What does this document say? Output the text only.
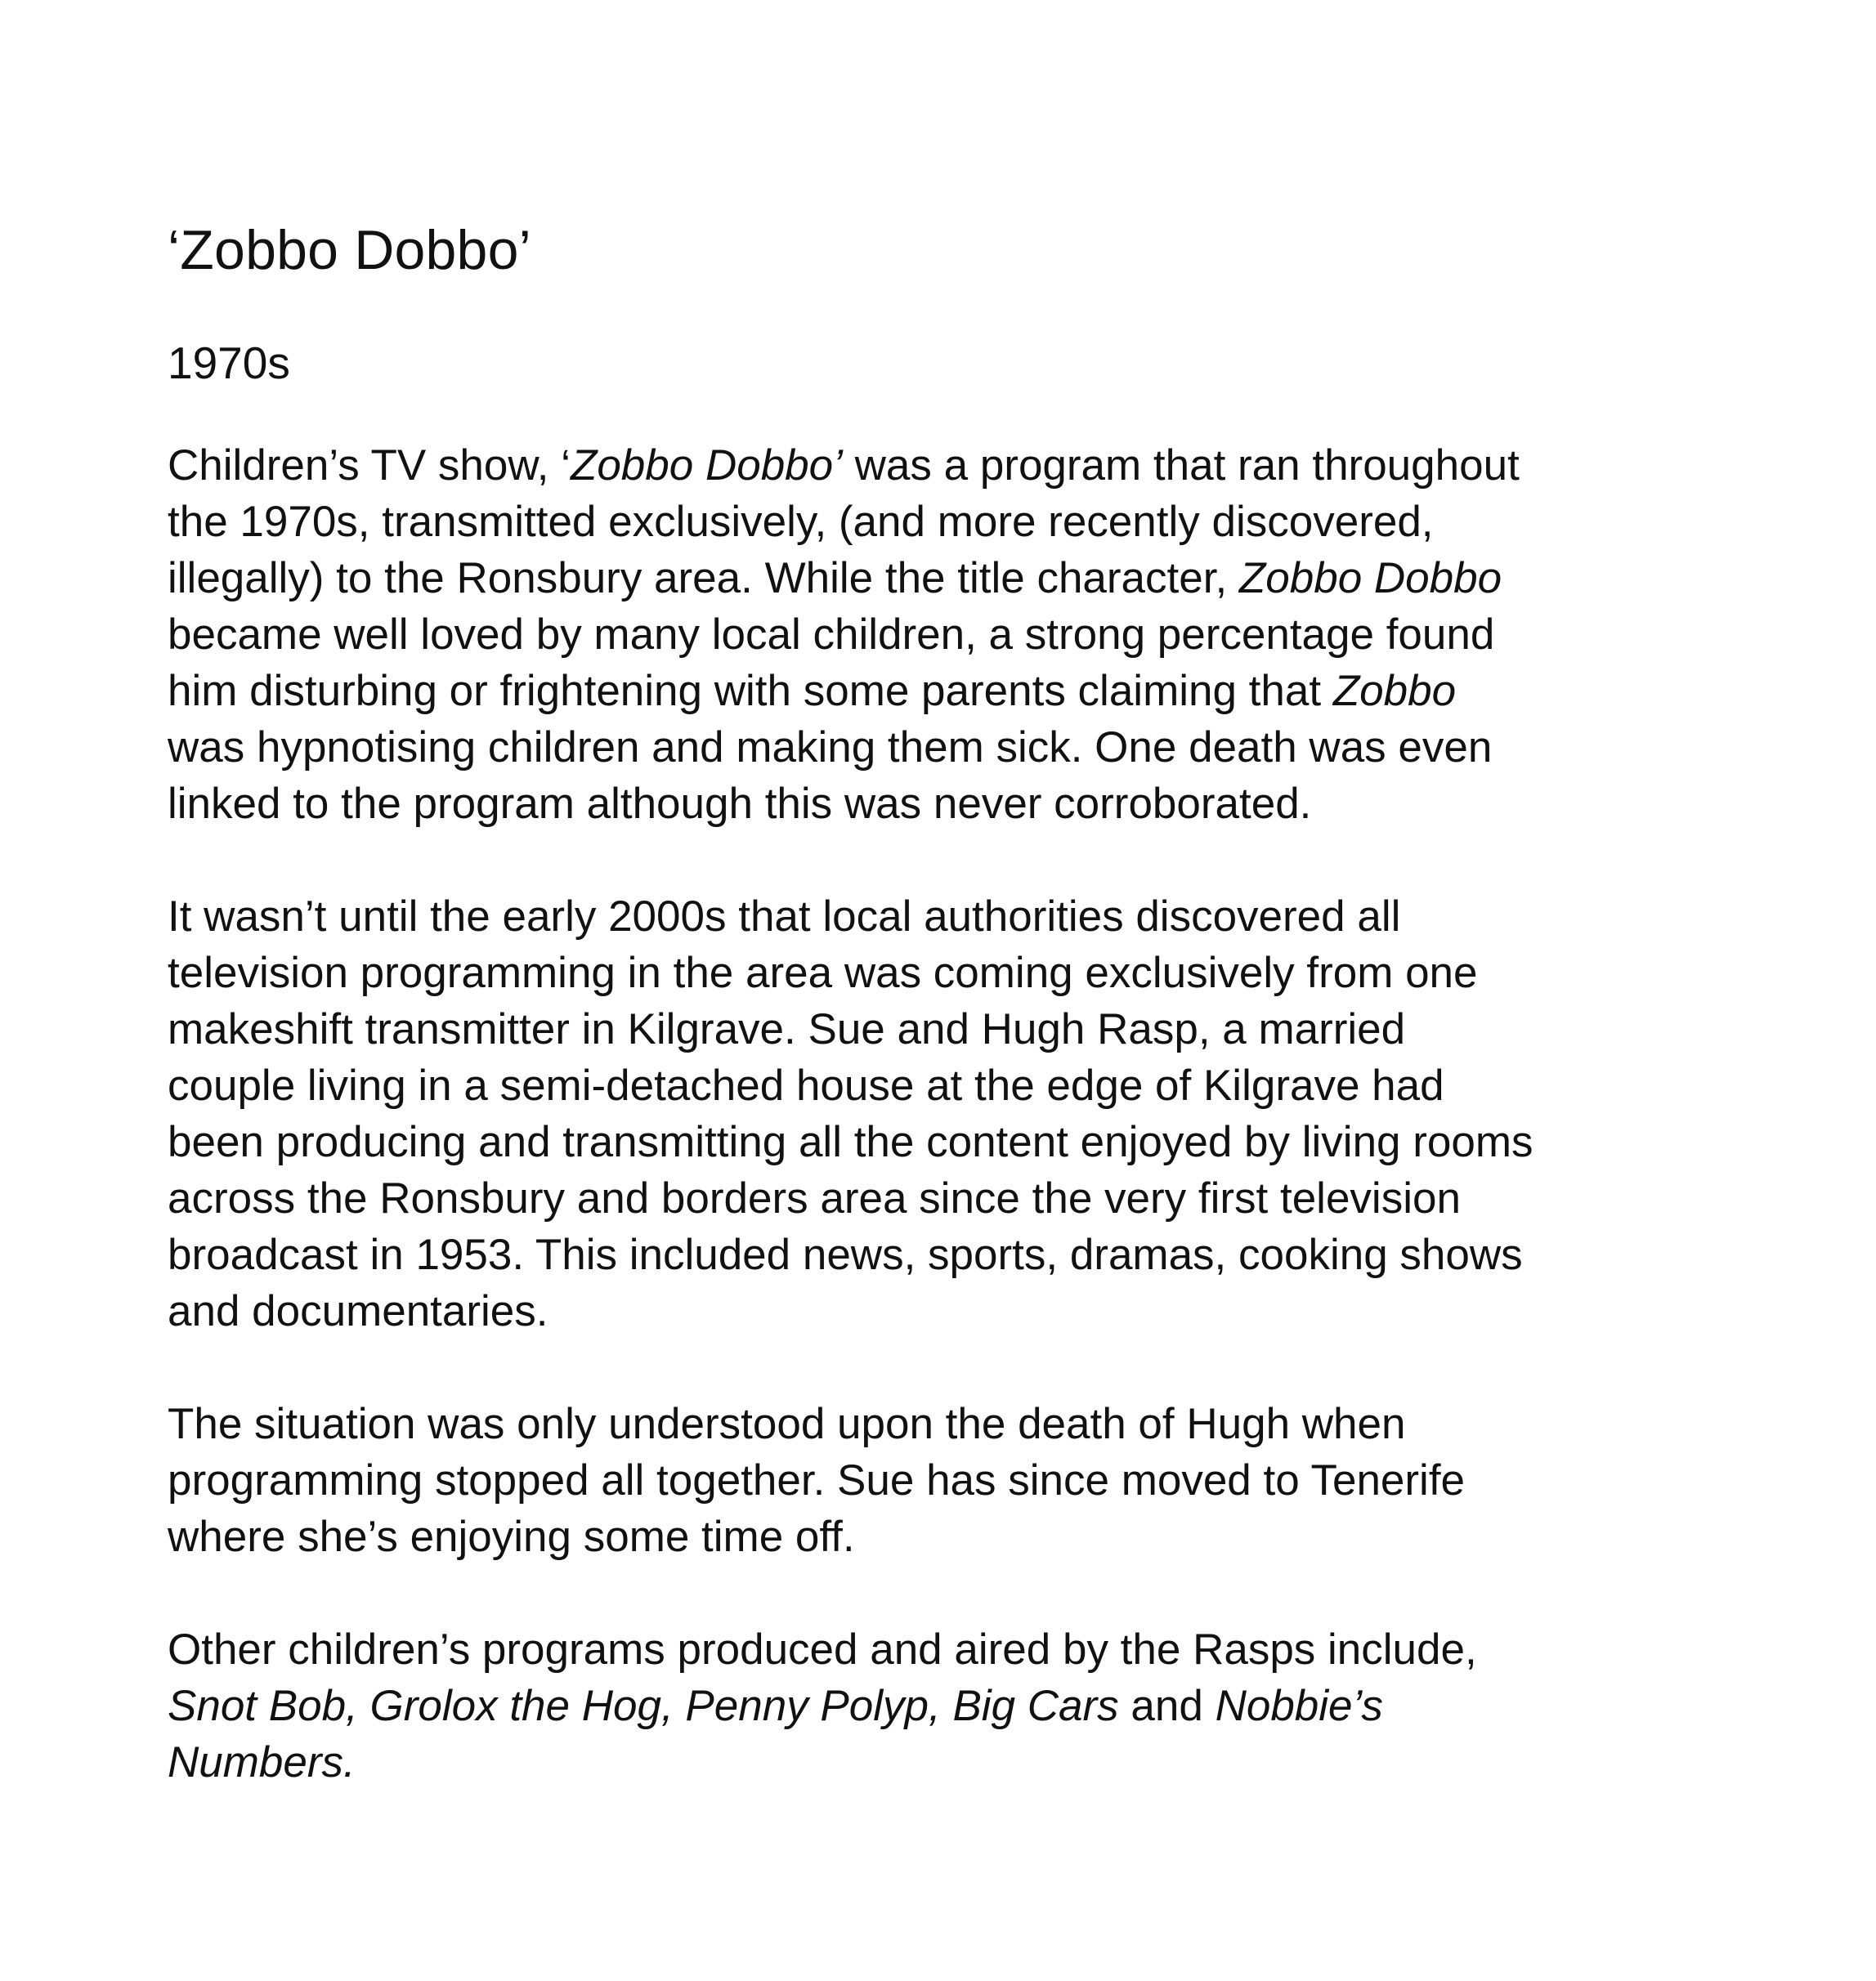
‘Zobbo Dobbo’
1970s

Children’s TV show, ‘Zobbo Dobbo’ was a program that ran throughout
the 1970s, transmitted exclusively, (and more recently discovered,
illegally) to the Ronsbury area. While the title character, Zobbo Dobbo
became well loved by many local children, a strong percentage found
him disturbing or frightening with some parents claiming that Zobbo
was hypnotising children and making them sick. One death was even
linked to the program although this was never corroborated.

It wasn’t until the early 2000s that local authorities discovered all
television programming in the area was coming exclusively from one
makeshift transmitter in Kilgrave. Sue and Hugh Rasp, a married
couple living in a semi-detached house at the edge of Kilgrave had
been producing and transmitting all the content enjoyed by living rooms
across the Ronsbury and borders area since the very first television
broadcast in 1953. This included news, sports, dramas, cooking shows
and documentaries.

The situation was only understood upon the death of Hugh when
programming stopped all together. Sue has since moved to Tenerife
where she’s enjoying some time off.

Other children’s programs produced and aired by the Rasps include,
Snot Bob, Grolox the Hog, Penny Polyp, Big Cars and Nobbie’s
Numbers.
